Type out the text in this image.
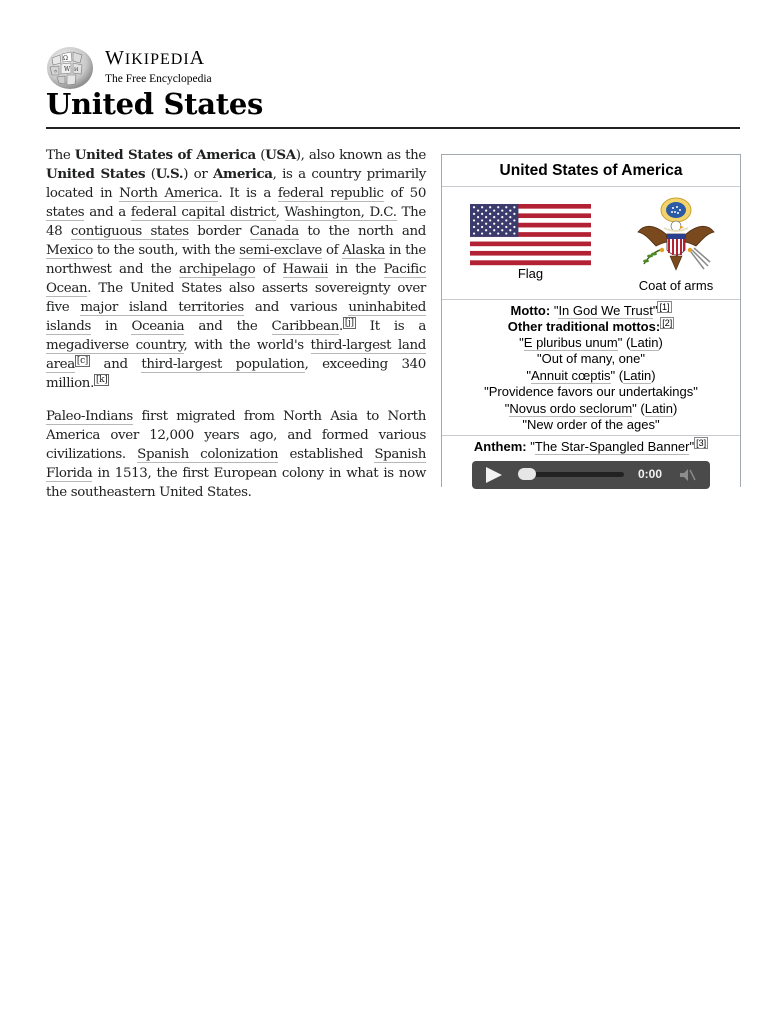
Ω
W И
ゥ
WIKIPEDIA
The Free Encyclopedia
United States

The United States of America (USA), also known as the United States (U.S.) or America, is a country primarily located in North America. It is a federal republic of 50 states and a federal capital district, Washington, D.C. The 48 contiguous states border Canada to the north and Mexico to the south, with the semi-exclave of Alaska in the northwest and the archipelago of Hawaii in the Pacific Ocean. The United States also asserts sovereignty over five major island territories and various uninhabited islands in Oceania and the Caribbean. [j] It is a megadiverse country, with the world's third-largest land area [c] and third-largest population, exceeding 340 million. [k]

Paleo-Indians first migrated from North Asia to North America over 12,000 years ago, and formed various civilizations. Spanish colonization established Spanish Florida in 1513, the first European colony in what is now the southeastern United States.

United States of America
Flag
Coat of arms
Motto: "In God We Trust" [1]
Other traditional mottos: [2]
"E pluribus unum" (Latin)
"Out of many, one"
"Annuit cœptis" (Latin)
"Providence favors our undertakings"
"Novus ordo seclorum" (Latin)
"New order of the ages"
Anthem: "The Star-Spangled Banner" [3]
0:00
